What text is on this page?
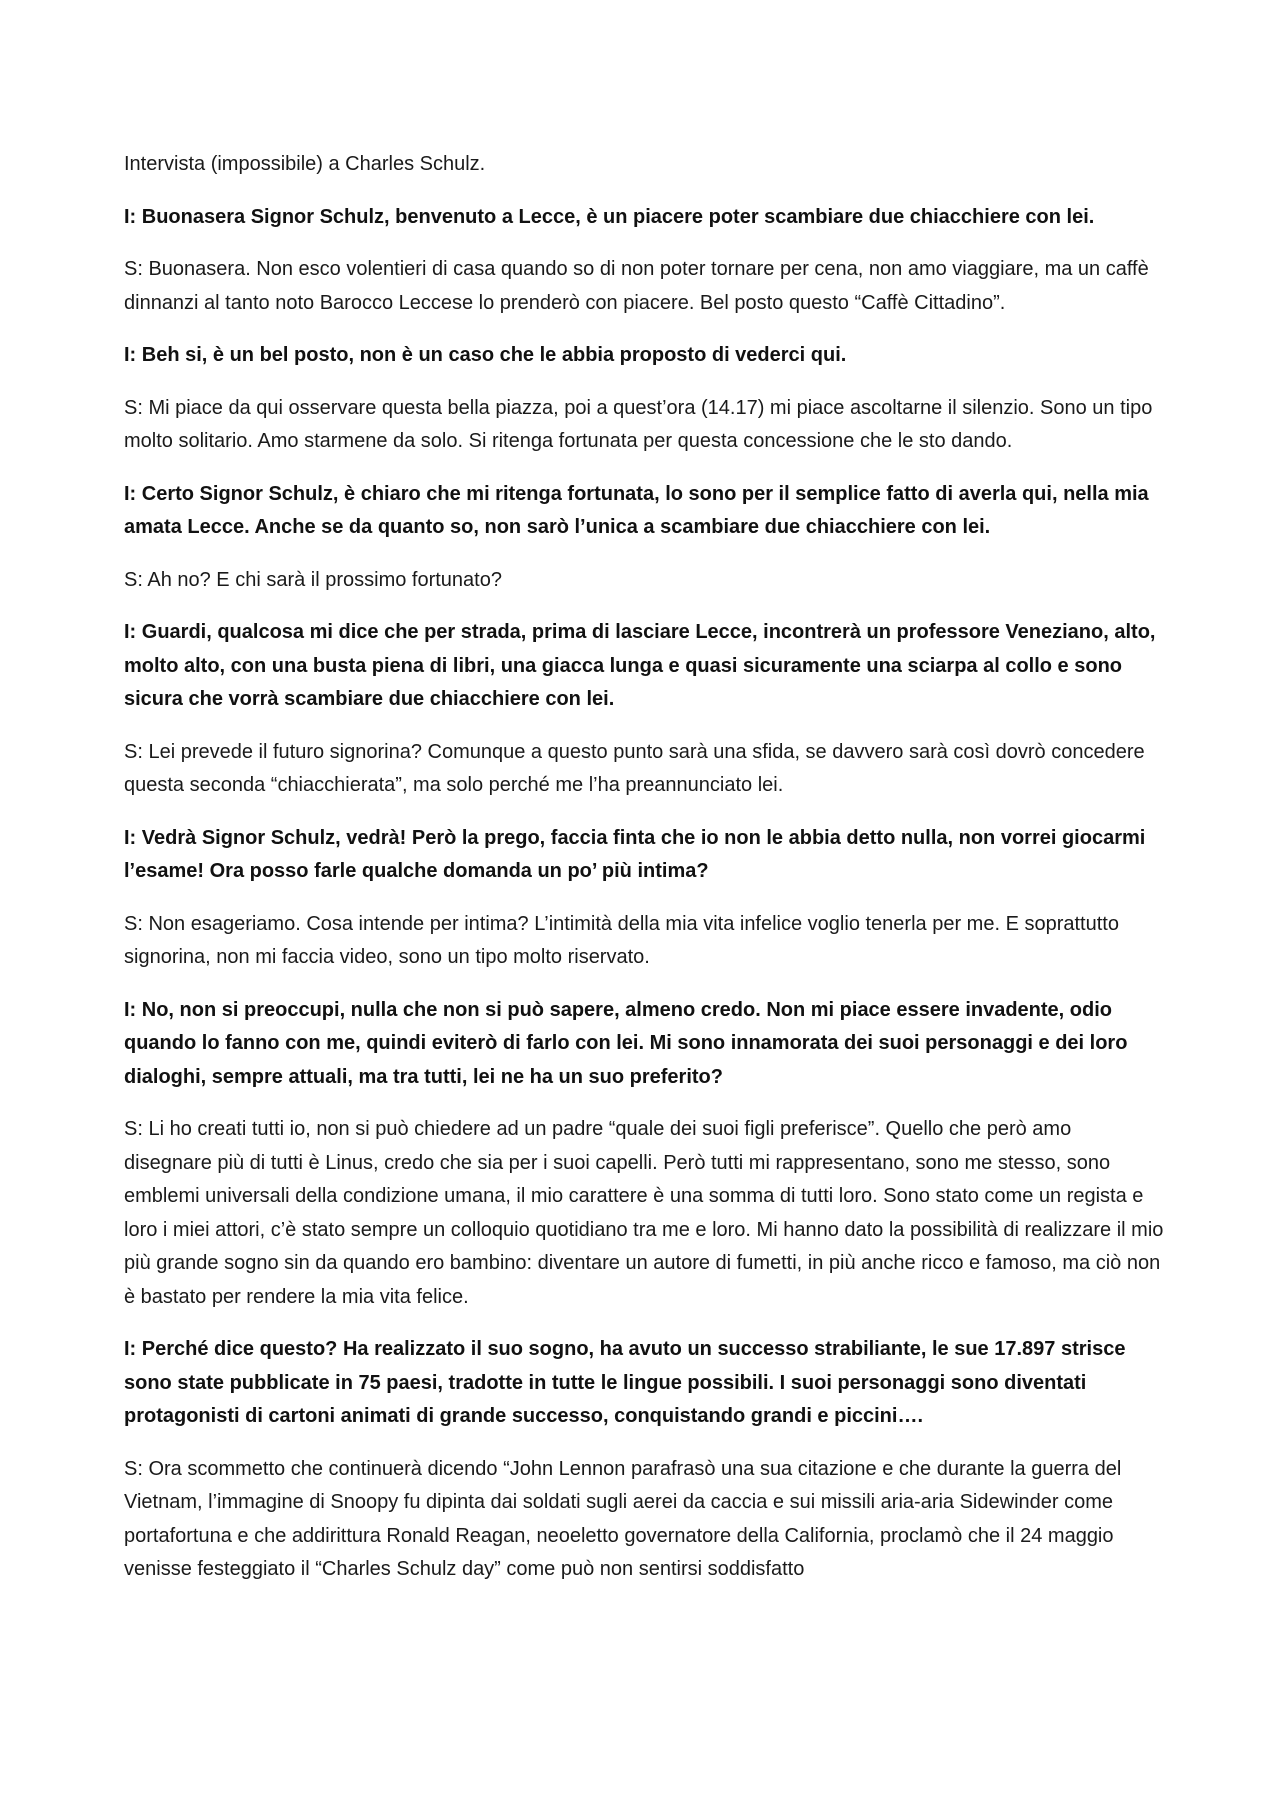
Intervista (impossibile) a Charles Schulz.

I: Buonasera Signor Schulz, benvenuto a Lecce, è un piacere poter scambiare due chiacchiere con lei.

S: Buonasera. Non esco volentieri di casa quando so di non poter tornare per cena, non amo viaggiare, ma un caffè dinnanzi al tanto noto Barocco Leccese lo prenderò con piacere. Bel posto questo “Caffè Cittadino”.

I: Beh si, è un bel posto, non è un caso che le abbia proposto di vederci qui.

S: Mi piace da qui osservare questa bella piazza, poi a quest’ora (14.17) mi piace ascoltarne il silenzio. Sono un tipo molto solitario. Amo starmene da solo. Si ritenga fortunata per questa concessione che le sto dando.

I: Certo Signor Schulz, è chiaro che mi ritenga fortunata, lo sono per il semplice fatto di averla qui, nella mia amata Lecce. Anche se da quanto so, non sarò l’unica a scambiare due chiacchiere con lei.

S: Ah no? E chi sarà il prossimo fortunato?

I: Guardi, qualcosa mi dice che per strada, prima di lasciare Lecce, incontrerà un professore Veneziano, alto, molto alto, con una busta piena di libri, una giacca lunga e quasi sicuramente una sciarpa al collo e sono sicura che vorrà scambiare due chiacchiere con lei.

S: Lei prevede il futuro signorina? Comunque a questo punto sarà una sfida, se davvero sarà così dovrò concedere questa seconda “chiacchierata”, ma solo perché me l’ha preannunciato lei.

I: Vedrà Signor Schulz, vedrà! Però la prego, faccia finta che io non le abbia detto nulla, non vorrei giocarmi l’esame! Ora posso farle qualche domanda un po’ più intima?

S: Non esageriamo. Cosa intende per intima? L’intimità della mia vita infelice voglio tenerla per me. E soprattutto signorina, non mi faccia video, sono un tipo molto riservato.

I: No, non si preoccupi, nulla che non si può sapere, almeno credo. Non mi piace essere invadente, odio quando lo fanno con me, quindi eviterò di farlo con lei. Mi sono innamorata dei suoi personaggi e dei loro dialoghi, sempre attuali, ma tra tutti, lei ne ha un suo preferito?

S: Li ho creati tutti io, non si può chiedere ad un padre “quale dei suoi figli preferisce”. Quello che però amo disegnare più di tutti è Linus, credo che sia per i suoi capelli. Però tutti mi rappresentano, sono me stesso, sono emblemi universali della condizione umana, il mio carattere è una somma di tutti loro. Sono stato come un regista e loro i miei attori, c’è stato sempre un colloquio quotidiano tra me e loro. Mi hanno dato la possibilità di realizzare il mio più grande sogno sin da quando ero bambino: diventare un autore di fumetti, in più anche ricco e famoso, ma ciò non è bastato per rendere la mia vita felice.

I: Perché dice questo? Ha realizzato il suo sogno, ha avuto un successo strabiliante, le sue 17.897 strisce sono state pubblicate in 75 paesi, tradotte in tutte le lingue possibili. I suoi personaggi sono diventati protagonisti di cartoni animati di grande successo, conquistando grandi e piccini….

S: Ora scommetto che continuerà dicendo “John Lennon parafrasò una sua citazione e che durante la guerra del Vietnam, l’immagine di Snoopy fu dipinta dai soldati sugli aerei da caccia e sui missili aria-aria Sidewinder come portafortuna e che addirittura Ronald Reagan, neoeletto governatore della California, proclamò che il 24 maggio venisse festeggiato il “Charles Schulz day” come può non sentirsi soddisfatto
